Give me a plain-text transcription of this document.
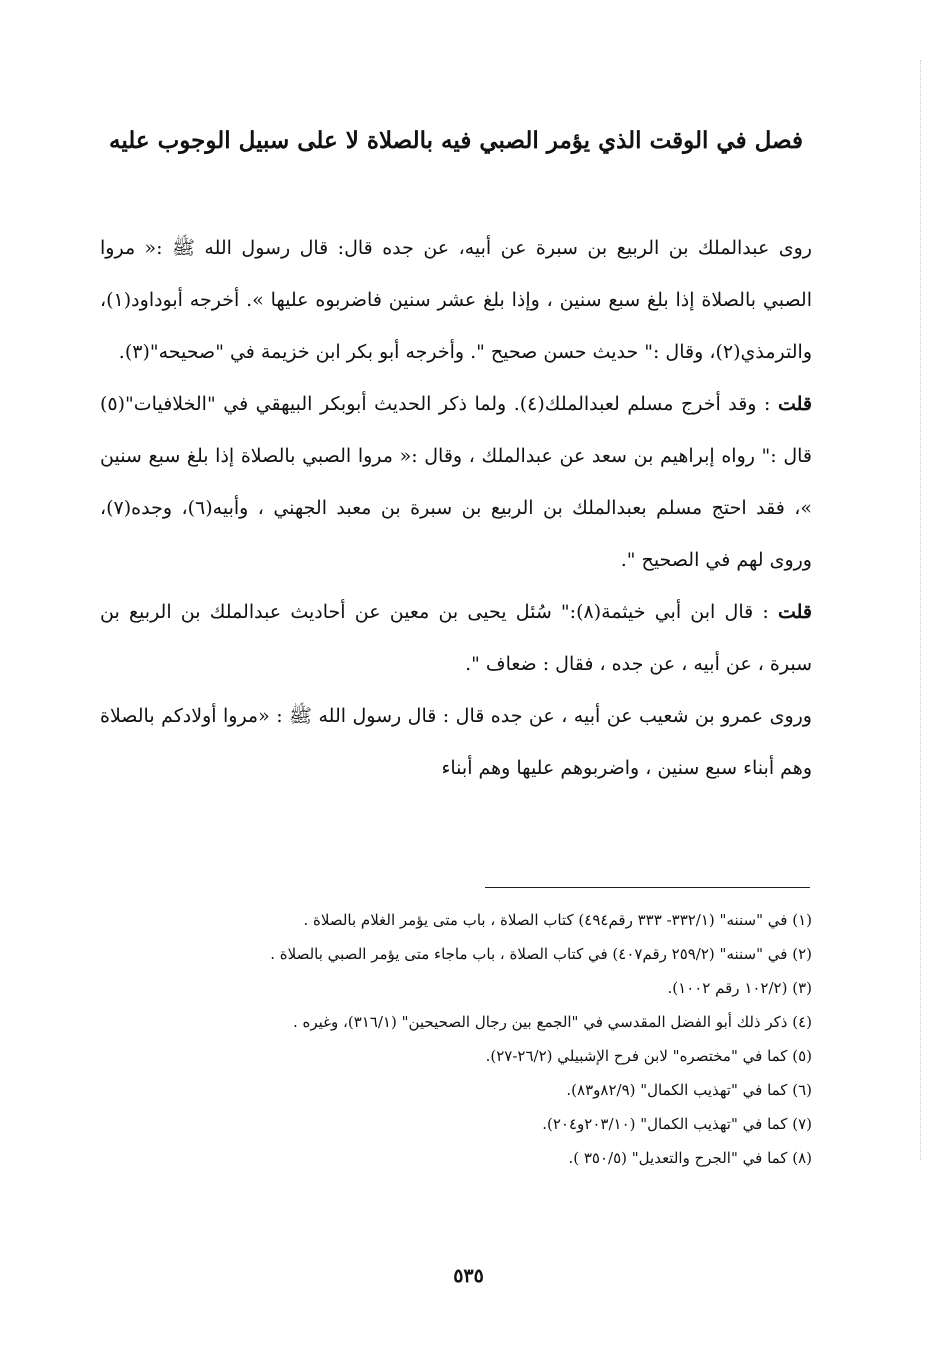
فصل في الوقت الذي يؤمر الصبي فيه بالصلاة لا على سبيل الوجوب عليه

روى عبدالملك بن الربيع بن سبرة عن أبيه، عن جده قال: قال رسول الله ﷺ :« مروا الصبي بالصلاة إذا بلغ سبع سنين ، وإذا بلغ عشر سنين فاضربوه عليها ». أخرجه أبوداود(١)، والترمذي(٢)، وقال :" حديث حسن صحيح ". وأخرجه أبو بكر ابن خزيمة في "صحيحه"(٣).

قلت : وقد أخرج مسلم لعبدالملك(٤). ولما ذكر الحديث أبوبكر البيهقي في "الخلافيات"(٥) قال :" رواه إبراهيم بن سعد عن عبدالملك ، وقال :« مروا الصبي بالصلاة إذا بلغ سبع سنين »، فقد احتج مسلم بعبدالملك بن الربيع بن سبرة بن معبد الجهني ، وأبيه(٦)، وجده(٧)، وروى لهم في الصحيح ".

قلت : قال ابن أبي خيثمة(٨):" سُئل يحيى بن معين عن أحاديث عبدالملك بن الربيع بن سبرة ، عن أبيه ، عن جده ، فقال : ضعاف ".

وروى عمرو بن شعيب عن أبيه ، عن جده قال : قال رسول الله ﷺ : «مروا أولادكم بالصلاة وهم أبناء سبع سنين ، واضربوهم عليها وهم أبناء

(١) في "سننه" (٣٣٢/١- ٣٣٣ رقم٤٩٤) كتاب الصلاة ، باب متى يؤمر الغلام بالصلاة .
(٢) في "سننه" (٢٥٩/٢ رقم٤٠٧) في كتاب الصلاة ، باب ماجاء متى يؤمر الصبي بالصلاة .
(٣) (١٠٢/٢ رقم ١٠٠٢).
(٤) ذكر ذلك أبو الفضل المقدسي في "الجمع بين رجال الصحيحين" (٣١٦/١)، وغيره .
(٥) كما في "مختصره" لابن فرح الإشبيلي (٢٦/٢-٢٧).
(٦) كما في "تهذيب الكمال" (٨٢/٩و٨٣).
(٧) كما في "تهذيب الكمال" (٢٠٣/١٠و٢٠٤).
(٨) كما في "الجرح والتعديل" (٣٥٠/٥ ).
٥٣٥
